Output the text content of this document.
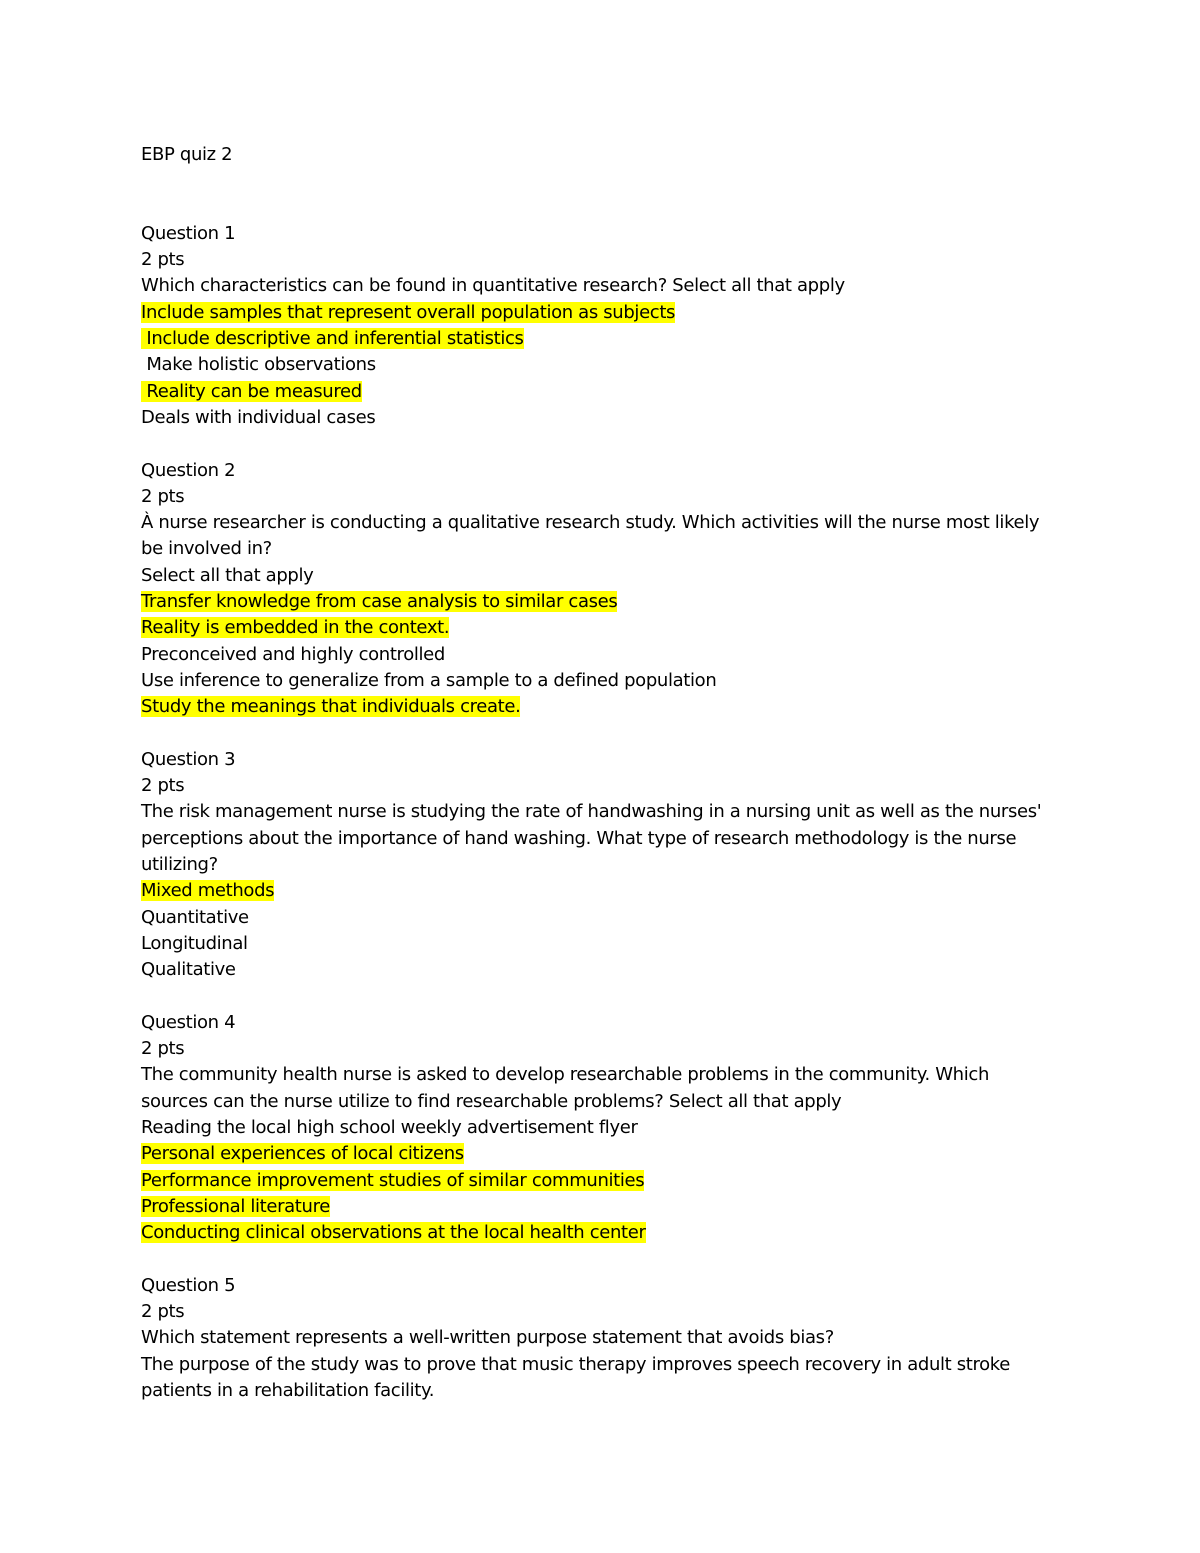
EBP quiz 2
Question 1
2 pts
Which characteristics can be found in quantitative research? Select all that apply
Include samples that represent overall population as subjects
Include descriptive and inferential statistics
Make holistic observations
Reality can be measured
Deals with individual cases
Question 2
2 pts
À nurse researcher is conducting a qualitative research study. Which activities will the nurse most likely be involved in?
Select all that apply
Transfer knowledge from case analysis to similar cases
Reality is embedded in the context.
Preconceived and highly controlled
Use inference to generalize from a sample to a defined population
Study the meanings that individuals create.
Question 3
2 pts
The risk management nurse is studying the rate of handwashing in a nursing unit as well as the nurses' perceptions about the importance of hand washing. What type of research methodology is the nurse utilizing?
Mixed methods
Quantitative
Longitudinal
Qualitative
Question 4
2 pts
The community health nurse is asked to develop researchable problems in the community. Which sources can the nurse utilize to find researchable problems? Select all that apply
Reading the local high school weekly advertisement flyer
Personal experiences of local citizens
Performance improvement studies of similar communities
Professional literature
Conducting clinical observations at the local health center
Question 5
2 pts
Which statement represents a well-written purpose statement that avoids bias?
The purpose of the study was to prove that music therapy improves speech recovery in adult stroke patients in a rehabilitation facility.
